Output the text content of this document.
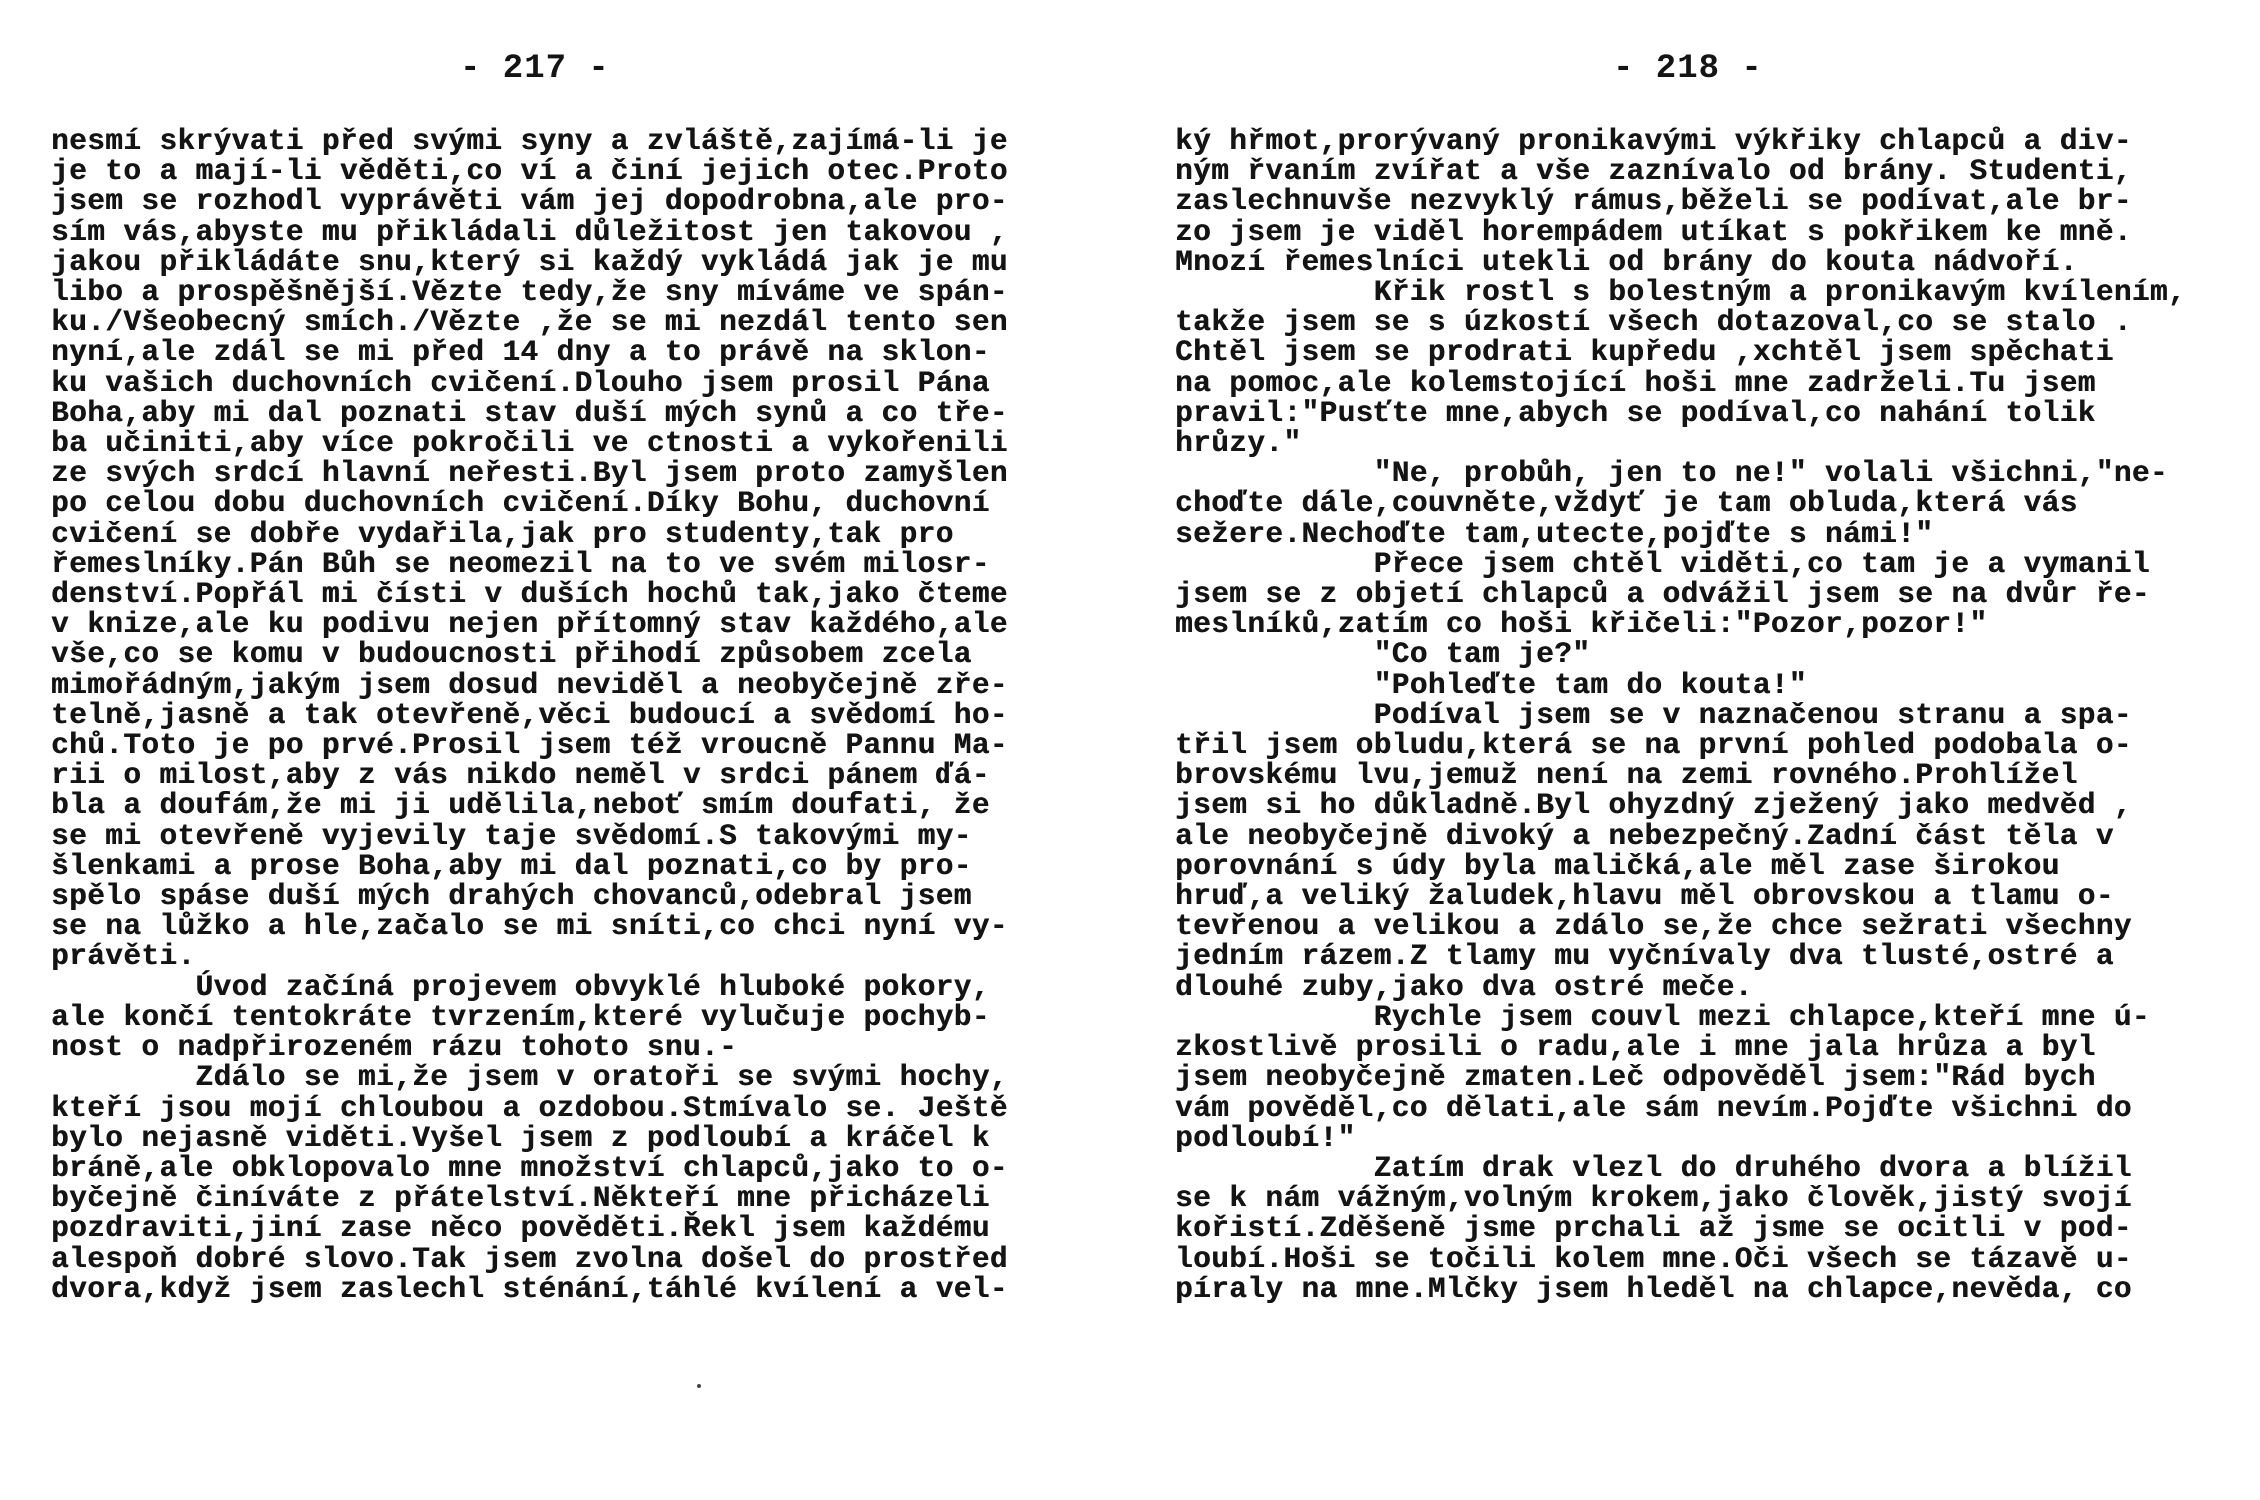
- 217 -
nesmí skrývati před svými syny a zvláště,zajímá-li je
je to a mají-li věděti,co ví a činí jejich otec.Proto
jsem se rozhodl vyprávěti vám jej dopodrobna,ale pro-
sím vás,abyste mu přikládali důležitost jen takovou ,
jakou přikládáte snu,který si každý vykládá jak je mu
libo a prospěšnější.Vězte tedy,že sny míváme ve spán-
ku./Všeobecný smích./Vězte ,že se mi nezdál tento sen
nyní,ale zdál se mi před 14 dny a to právě na sklon-
ku vašich duchovních cvičení.Dlouho jsem prosil Pána
Boha,aby mi dal poznati stav duší mých synů a co tře-
ba učiniti,aby více pokročili ve ctnosti a vykořenili
ze svých srdcí hlavní neřesti.Byl jsem proto zamyšlen
po celou dobu duchovních cvičení.Díky Bohu, duchovní
cvičení se dobře vydařila,jak pro studenty,tak pro
řemeslníky.Pán Bůh se neomezil na to ve svém milosr-
denství.Popřál mi čísti v duších hochů tak,jako čteme
v knize,ale ku podivu nejen přítomný stav každého,ale
vše,co se komu v budoucnosti přihodí způsobem zcela
mimořádným,jakým jsem dosud neviděl a neobyčejně zře-
telně,jasně a tak otevřeně,věci budoucí a svědomí ho-
chů.Toto je po prvé.Prosil jsem též vroucně Pannu Ma-
rii o milost,aby z vás nikdo neměl v srdci pánem ďá-
bla a doufám,že mi ji udělila,neboť smím doufati, že
se mi otevřeně vyjevily taje svědomí.S takovými my-
šlenkami a prose Boha,aby mi dal poznati,co by pro-
spělo spáse duší mých drahých chovanců,odebral jsem
se na lůžko a hle,začalo se mi sníti,co chci nyní vy-
právěti.
Úvod začíná projevem obvyklé hluboké pokory,
ale končí tentokráte tvrzením,které vylučuje pochyb-
nost o nadpřirozeném rázu tohoto snu.-
Zdálo se mi,že jsem v oratoři se svými hochy,
kteří jsou mojí chloubou a ozdobou.Stmívalo se. Ještě
bylo nejasně viděti.Vyšel jsem z podloubí a kráčel k
bráně,ale obklopovalo mne množství chlapců,jako to o-
byčejně činíváte z přátelství.Někteří mne přicházeli
pozdraviti,jiní zase něco pověděti.Řekl jsem každému
alespoň dobré slovo.Tak jsem zvolna došel do prostřed
dvora,když jsem zaslechl sténání,táhlé kvílení a vel-
- 218 -
ký hřmot,prorývaný pronikavými výkřiky chlapců a div-
ným řvaním zvířat a vše zaznívalo od brány. Studenti,
zaslechnuvše nezvyklý rámus,běželi se podívat,ale br-
zo jsem je viděl horempádem utíkat s pokřikem ke mně.
Mnozí řemeslníci utekli od brány do kouta nádvoří.
Křik rostl s bolestným a pronikavým kvílením,
takže jsem se s úzkostí všech dotazoval,co se stalo .
Chtěl jsem se prodrati kupředu ,xchtěl jsem spěchati
na pomoc,ale kolemstojící hoši mne zadrželi.Tu jsem
pravil:"Pusťte mne,abych se podíval,co nahání tolik
hrůzy."
"Ne, probůh, jen to ne!" volali všichni,"ne-
choďte dále,couvněte,vždyť je tam obluda,která vás
sežere.Nechoďte tam,utecte,pojďte s námi!"
Přece jsem chtěl viděti,co tam je a vymanil
jsem se z objetí chlapců a odvážil jsem se na dvůr ře-
meslníků,zatím co hoši křičeli:"Pozor,pozor!"
"Co tam je?"
"Pohleďte tam do kouta!"
Podíval jsem se v naznačenou stranu a spa-
třil jsem obludu,která se na první pohled podobala o-
brovskému lvu,jemuž není na zemi rovného.Prohlížel
jsem si ho důkladně.Byl ohyzdný zježený jako medvěd ,
ale neobyčejně divoký a nebezpečný.Zadní část těla v
porovnání s údy byla maličká,ale měl zase širokou
hruď,a veliký žaludek,hlavu měl obrovskou a tlamu o-
tevřenou a velikou a zdálo se,že chce sežrati všechny
jedním rázem.Z tlamy mu vyčnívaly dva tlusté,ostré a
dlouhé zuby,jako dva ostré meče.
Rychle jsem couvl mezi chlapce,kteří mne ú-
zkostlivě prosili o radu,ale i mne jala hrůza a byl
jsem neobyčejně zmaten.Leč odpověděl jsem:"Rád bych
vám pověděl,co dělati,ale sám nevím.Pojďte všichni do
podloubí!"
Zatím drak vlezl do druhého dvora a blížil
se k nám vážným,volným krokem,jako člověk,jistý svojí
kořistí.Zděšeně jsme prchali až jsme se ocitli v pod-
loubí.Hoši se točili kolem mne.Oči všech se tázavě u-
píraly na mne.Mlčky jsem hleděl na chlapce,nevěda, co
